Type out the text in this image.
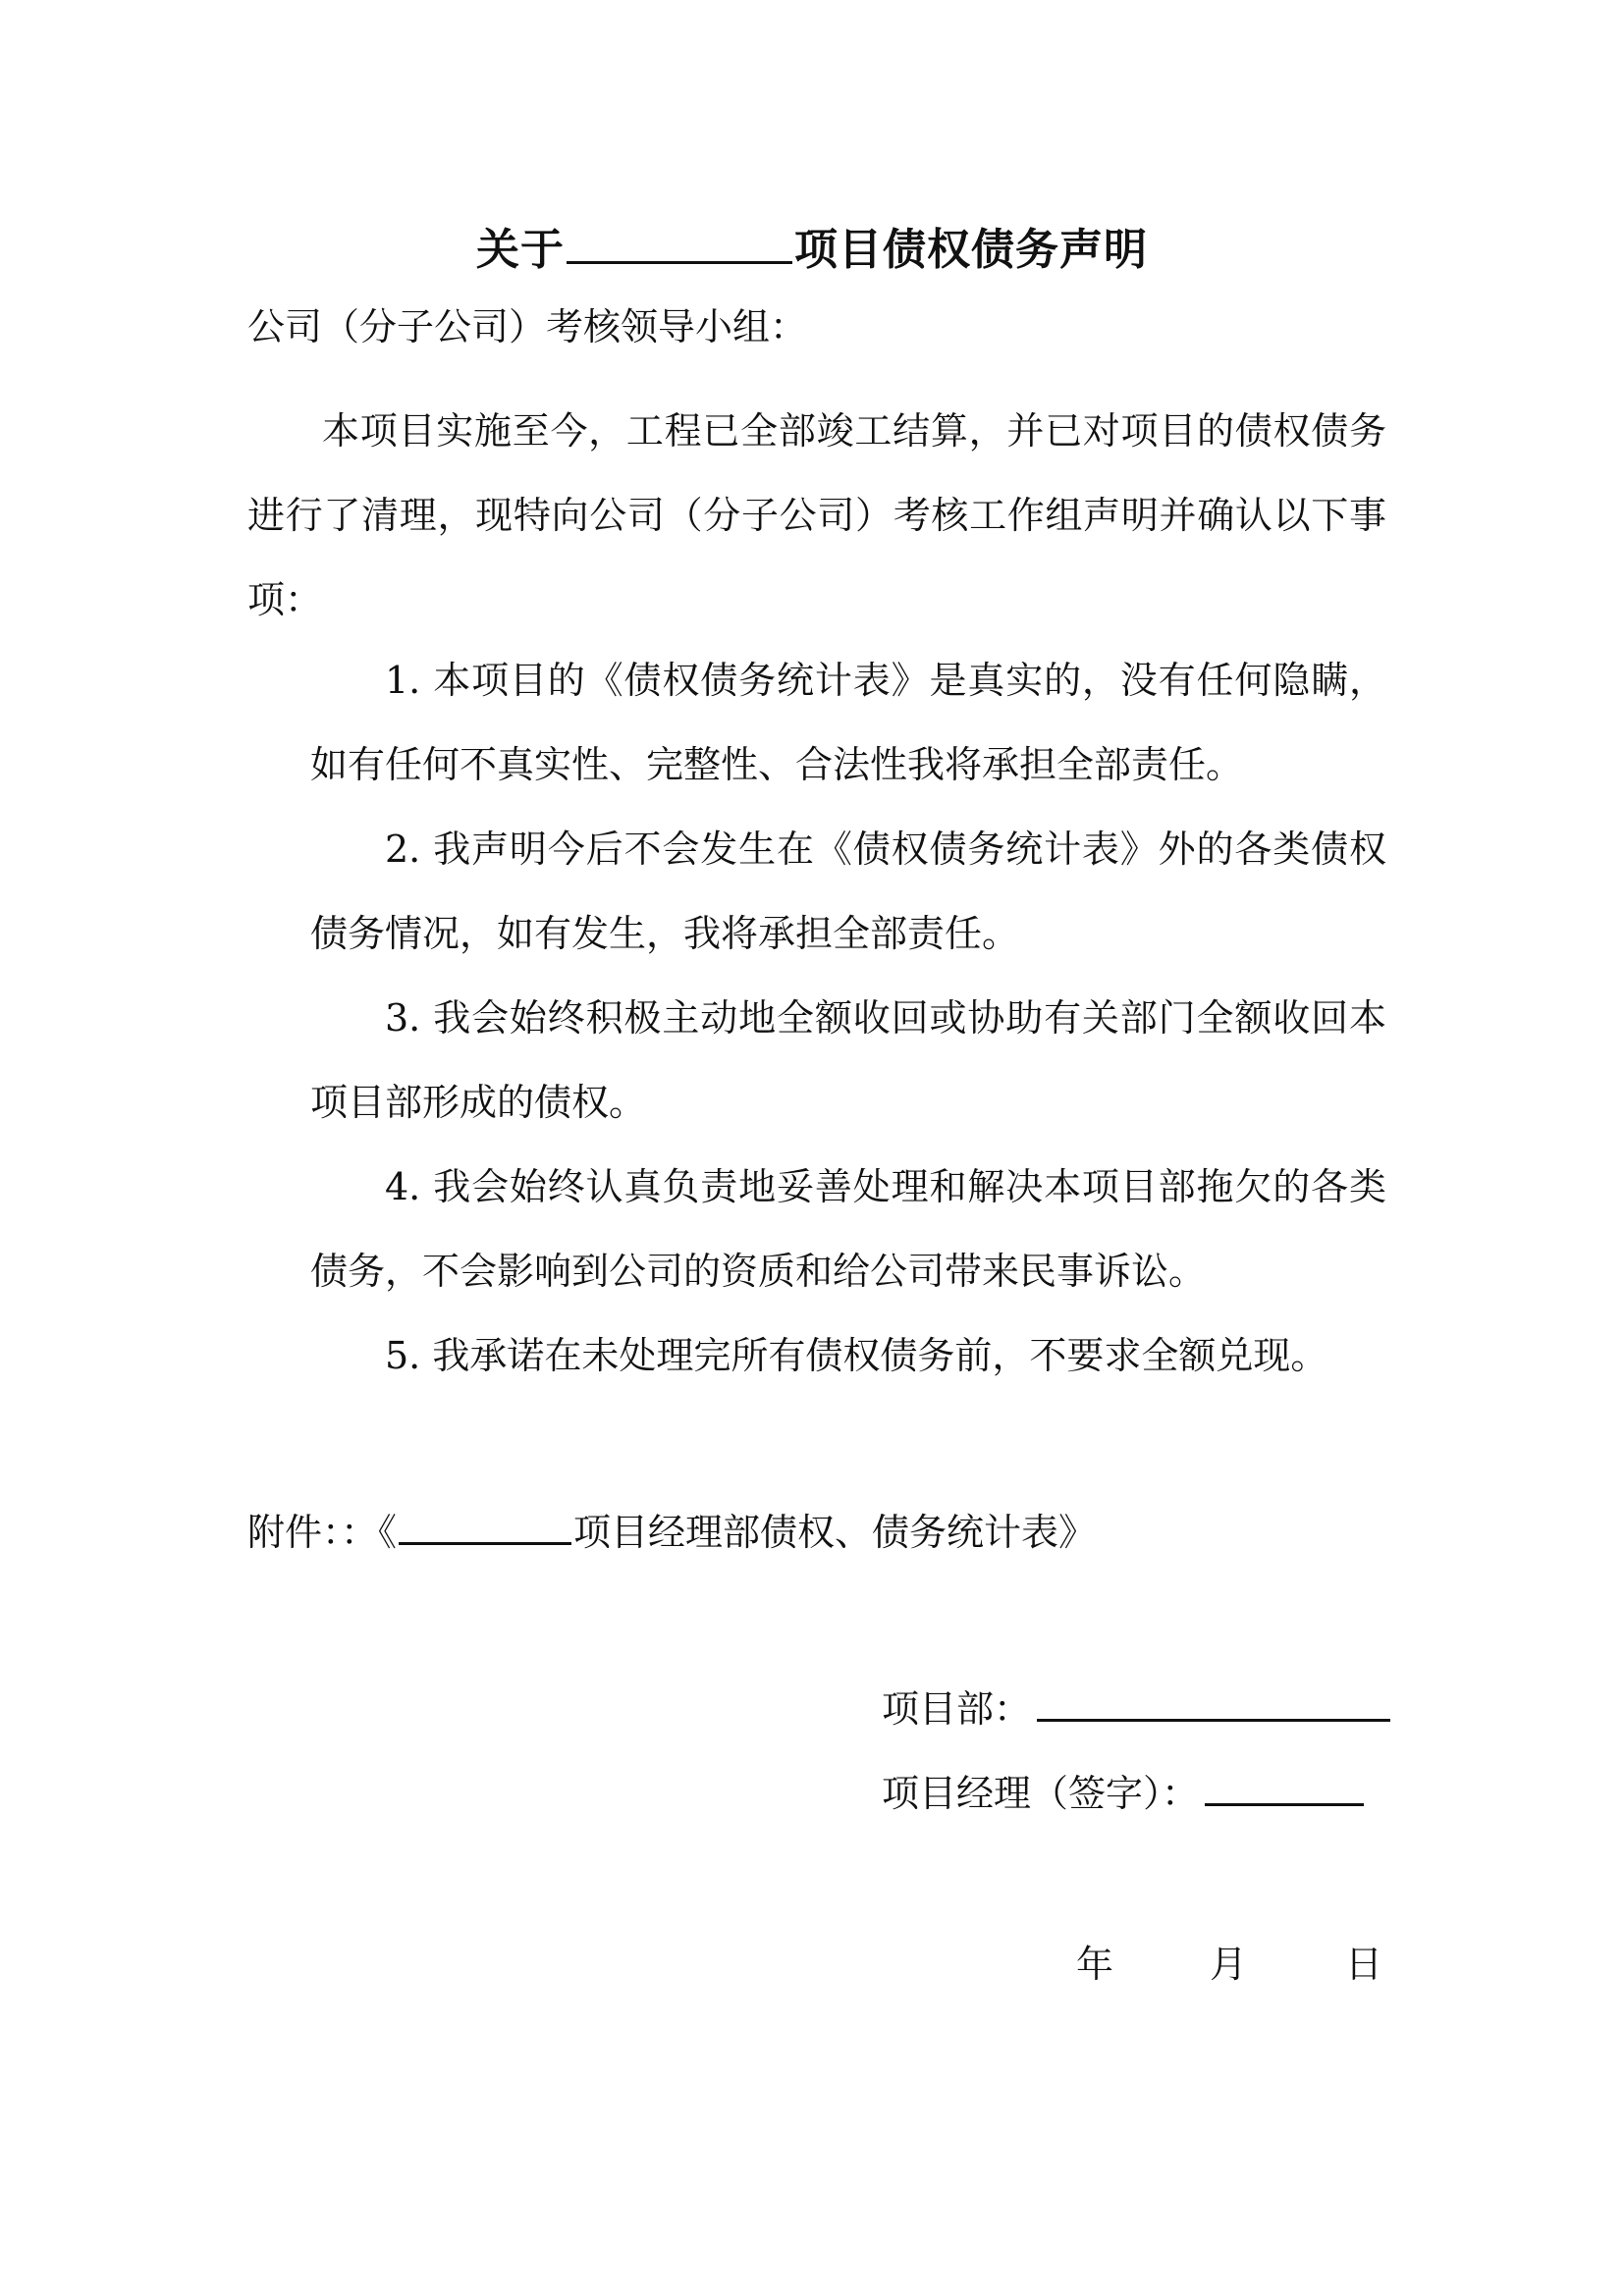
关于	项目债权债务声明
公司（分子公司）考核领导小组：
本项目实施至今，工程已全部竣工结算，并已对项目的债权债务进行了清理，现特向公司（分子公司）考核工作组声明并确认以下事项：
1. 本项目的《债权债务统计表》是真实的，没有任何隐瞒，如有任何不真实性、完整性、合法性我将承担全部责任。
2. 我声明今后不会发生在《债权债务统计表》外的各类债权债务情况，如有发生，我将承担全部责任。
3. 我会始终积极主动地全额收回或协助有关部门全额收回本项目部形成的债权。
4. 我会始终认真负责地妥善处理和解决本项目部拖欠的各类债务，不会影响到公司的资质和给公司带来民事诉讼。
5. 我承诺在未处理完所有债权债务前，不要求全额兑现。
附件：：《	项目经理部债权、债务统计表》
项目部：
项目经理（签字）：
年	月	日
